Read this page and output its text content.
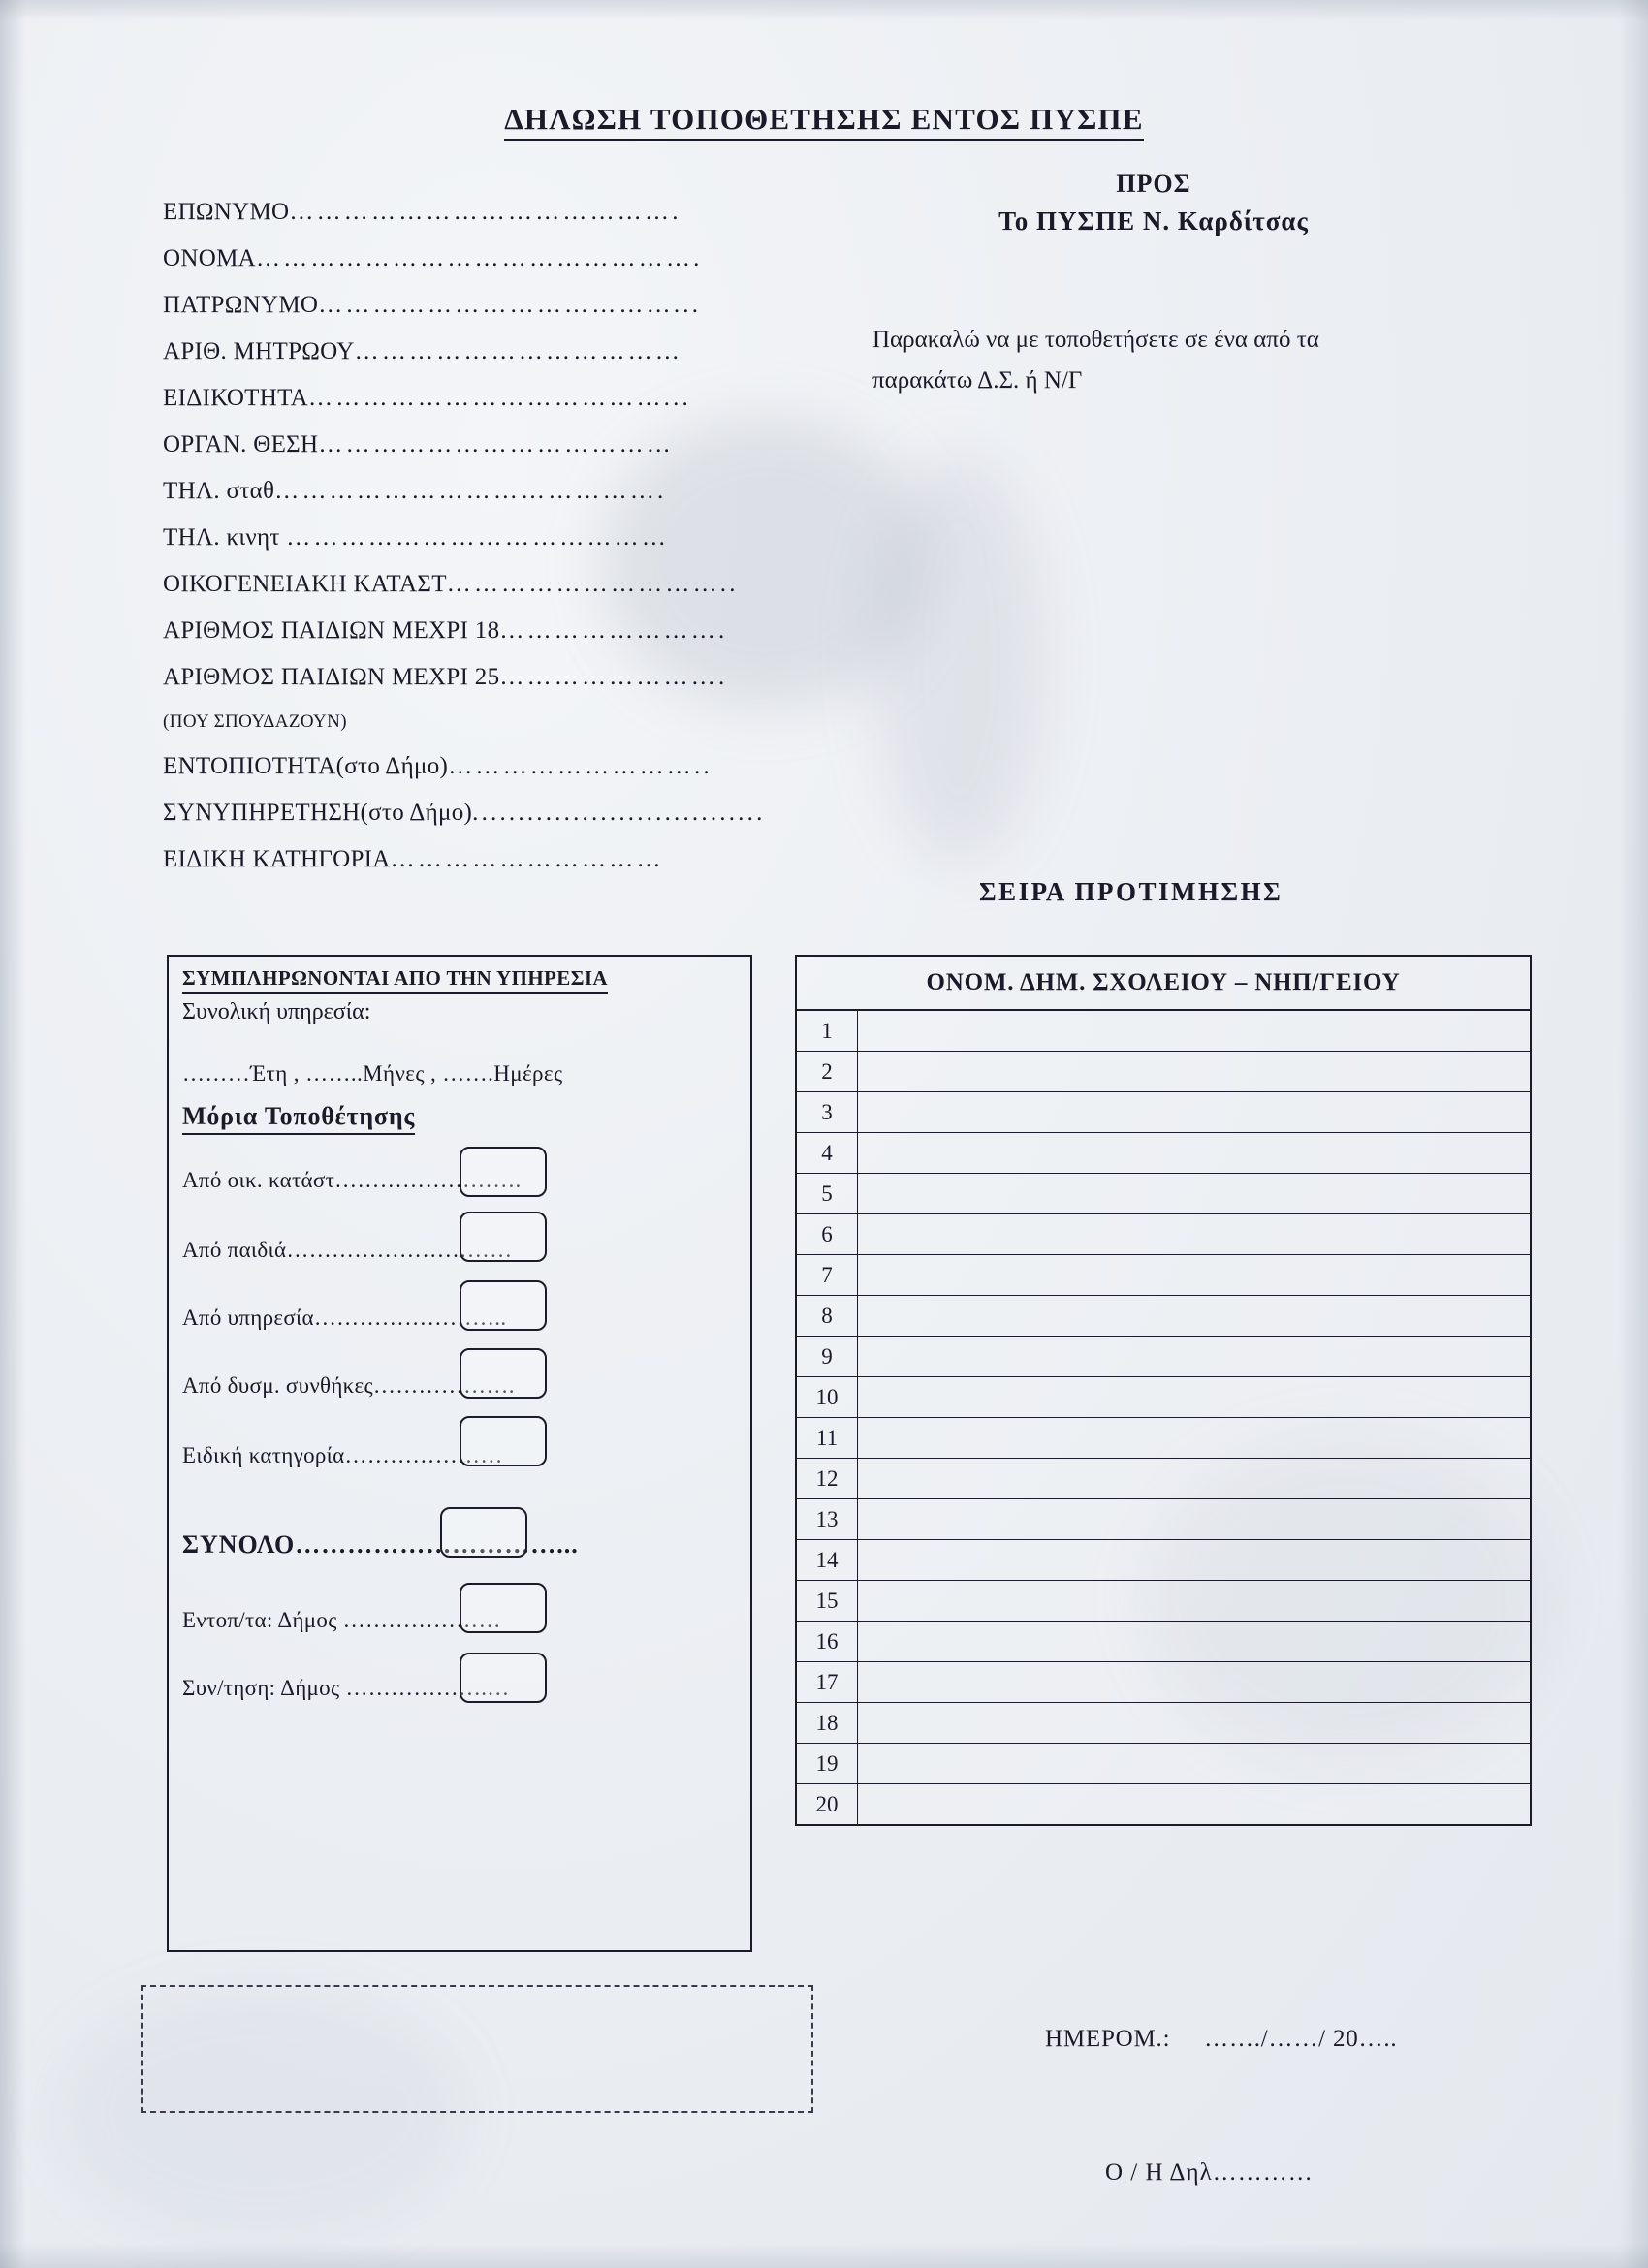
ΔΗΛΩΣΗ ΤΟΠΟΘΕΤΗΣΗΣ ΕΝΤΟΣ ΠΥΣΠΕ
ΕΠΩΝΥΜΟ…………………………………….
ΟΝΟΜΑ………………………………………….
ΠΑΤΡΩΝΥΜΟ…………………………………...
ΑΡΙΘ. ΜΗΤΡΩΟΥ………………………………
ΕΙΔΙΚΟΤΗΤΑ…………………………………...
ΟΡΓΑΝ. ΘΕΣΗ…………………………………
ΤΗΛ. σταθ…………………………………….
ΤΗΛ. κινητ ……………………………………
ΟΙΚΟΓΕΝΕΙΑΚΗ ΚΑΤΑΣΤ…………………………..
ΑΡΙΘΜΟΣ ΠΑΙΔΙΩΝ ΜΕΧΡΙ 18…………………….
ΑΡΙΘΜΟΣ ΠΑΙΔΙΩΝ ΜΕΧΡΙ 25…………………….
(ΠΟΥ ΣΠΟΥΔΑΖΟΥΝ)
ΕΝΤΟΠΙΟΤΗΤΑ(στο Δήμο)………………………..
ΣΥΝΥΠΗΡΕΤΗΣΗ(στο Δήμο)................................
ΕΙΔΙΚΗ ΚΑΤΗΓΟΡΙΑ…………………………
ΠΡΟΣ
Το ΠΥΣΠΕ Ν. Καρδίτσας
Παρακαλώ να με τοποθετήσετε σε ένα από τα
παρακάτω Δ.Σ. ή Ν/Γ
ΣΕΙΡΑ ΠΡΟΤΙΜΗΣΗΣ
ΣΥΜΠΛΗΡΩΝΟΝΤΑΙ ΑΠΟ ΤΗΝ ΥΠΗΡΕΣΙΑ
Συνολική υπηρεσία:
………Έτη , ……..Μήνες , …….Ημέρες
Μόρια Τοποθέτησης
Από οικ. κατάστ…………………….
Από παιδιά…………………………
Από υπηρεσία……………………..
Από δυσμ. συνθήκες……………….
Ειδική κατηγορία…………………
ΣΥΝΟΛΟ…………………………...
Εντοπ/τα: Δήμος …………………
Συν/τηση: Δήμος ……………….…
ΟΝΟΜ. ΔΗΜ. ΣΧΟΛΕΙΟΥ – ΝΗΠ/ΓΕΙΟΥ	
1	
2	
3	
4	
5	
6	
7	
8	
9	
10	
11	
12	
13	
14	
15	
16	
17	
18	
19	
20	
ΗΜΕΡΟΜ.: ……./……/ 20…..
Ο / Η Δηλ…………
